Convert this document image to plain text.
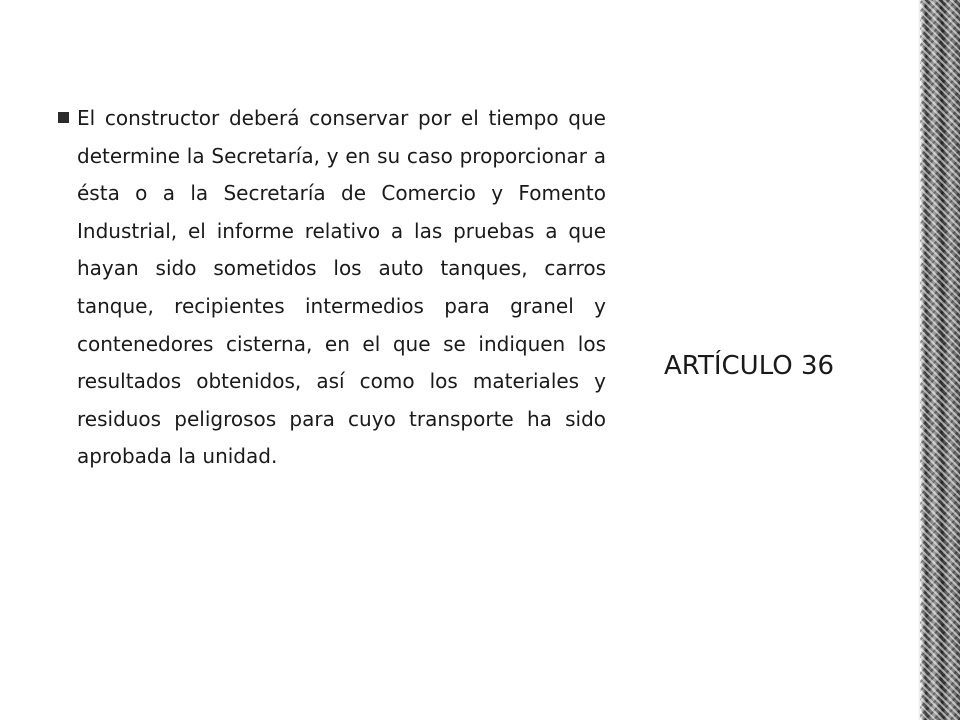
El constructor deberá conservar por el tiempo que determine la Secretaría, y en su caso proporcionar a ésta o a la Secretaría de Comercio y Fomento Industrial, el informe relativo a las pruebas a que hayan sido sometidos los auto tanques, carros tanque, recipientes intermedios para granel y contenedores cisterna, en el que se indiquen los resultados obtenidos, así como los materiales y residuos peligrosos para cuyo transporte ha sido aprobada la unidad.
ARTÍCULO 36
